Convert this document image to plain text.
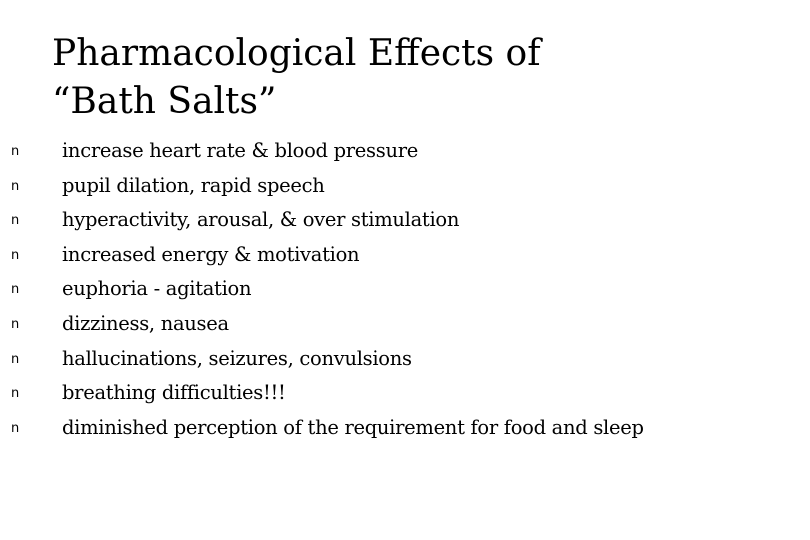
Pharmacological Effects of
“Bath Salts”
n increase heart rate & blood pressure
n pupil dilation, rapid speech
n hyperactivity, arousal, & over stimulation
n increased energy & motivation
n euphoria - agitation
n dizziness, nausea
n hallucinations, seizures, convulsions
n breathing difficulties!!!
n diminished perception of the requirement for food and sleep
